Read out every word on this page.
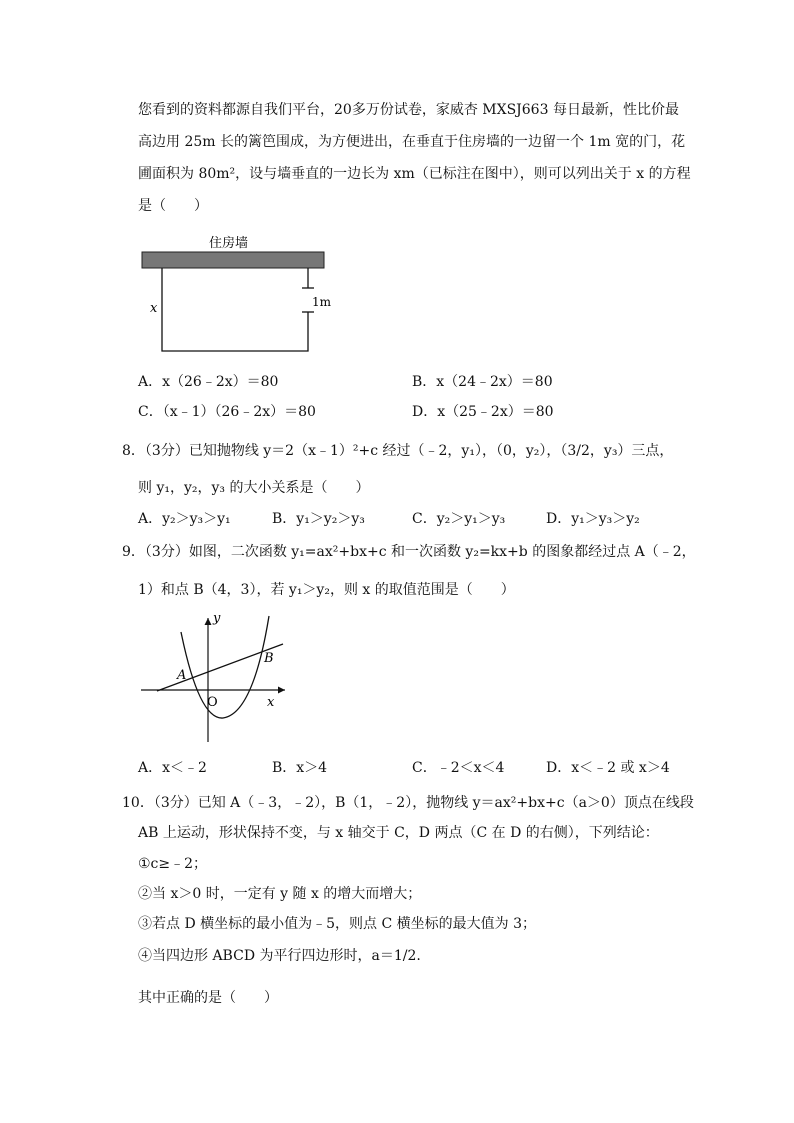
您看到的资料都源自我们平台，20多万份试卷，家威杏 MXSJ663 每日最新，性比价最
高边用 25m 长的篱笆围成，为方便进出，在垂直于住房墙的一边留一个 1m 宽的门，花
圃面积为 80m²，设与墙垂直的一边长为 xm（已标注在图中），则可以列出关于 x 的方程
是（　　）
住房墙
1m
x
A．x（26﹣2x）＝80	B．x（24﹣2x）＝80
C．（x﹣1）（26﹣2x）＝80	D．x（25﹣2x）＝80
8．（3分）已知抛物线 y＝2（x﹣1）²+c 经过（﹣2，y₁），（0，y₂），（3/2，y₃）三点，
则 y₁，y₂，y₃ 的大小关系是（　　）
A．y₂＞y₃＞y₁	B．y₁＞y₂＞y₃	C．y₂＞y₁＞y₃	D．y₁＞y₃＞y₂
9．（3分）如图，二次函数 y₁=ax²+bx+c 和一次函数 y₂=kx+b 的图象都经过点 A（﹣2，
1）和点 B（4，3），若 y₁＞y₂，则 x 的取值范围是（　　）
y
x
O
A
B
A．x＜﹣2	B．x＞4	C．﹣2＜x＜4	D．x＜﹣2 或 x＞4
10．（3分）已知 A（﹣3，﹣2），B（1，﹣2），抛物线 y＝ax²+bx+c（a＞0）顶点在线段
AB 上运动，形状保持不变，与 x 轴交于 C，D 两点（C 在 D 的右侧），下列结论：
①c≥﹣2；
②当 x＞0 时，一定有 y 随 x 的增大而增大；
③若点 D 横坐标的最小值为﹣5，则点 C 横坐标的最大值为 3；
④当四边形 ABCD 为平行四边形时，a＝1/2.
其中正确的是（　　）
